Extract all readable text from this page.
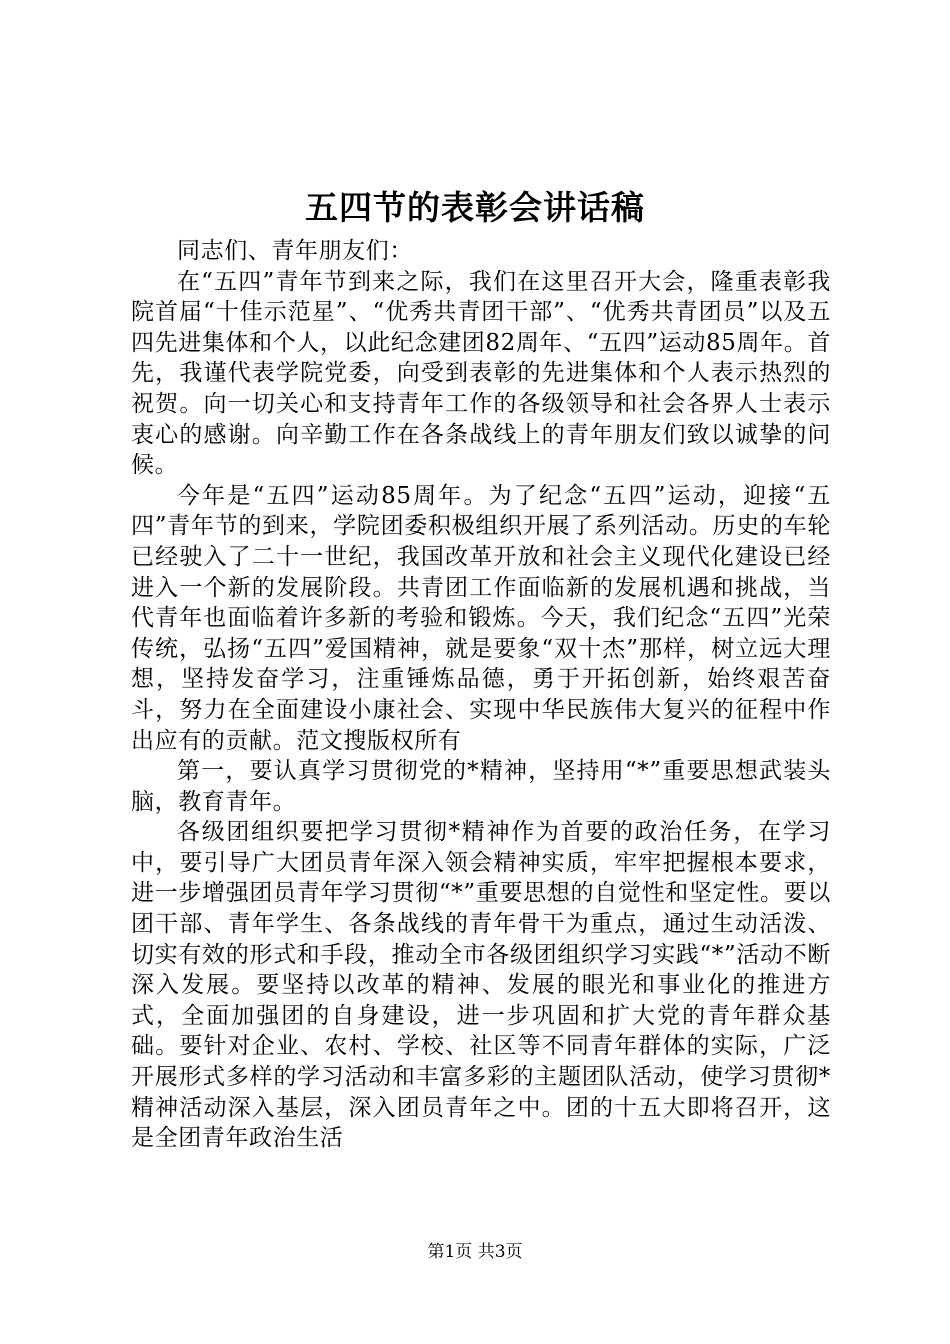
五四节的表彰会讲话稿

同志们、青年朋友们：

在“五四”青年节到来之际，我们在这里召开大会，隆重表彰我院首届“十佳示范星”、“优秀共青团干部”、“优秀共青团员”以及五四先进集体和个人，以此纪念建团82周年、“五四”运动85周年。首先，我谨代表学院党委，向受到表彰的先进集体和个人表示热烈的祝贺。向一切关心和支持青年工作的各级领导和社会各界人士表示衷心的感谢。向辛勤工作在各条战线上的青年朋友们致以诚挚的问候。

今年是“五四”运动85周年。为了纪念“五四”运动，迎接“五四”青年节的到来，学院团委积极组织开展了系列活动。历史的车轮已经驶入了二十一世纪，我国改革开放和社会主义现代化建设已经进入一个新的发展阶段。共青团工作面临新的发展机遇和挑战，当代青年也面临着许多新的考验和锻炼。今天，我们纪念“五四”光荣传统，弘扬“五四”爱国精神，就是要象“双十杰”那样，树立远大理想，坚持发奋学习，注重锤炼品德，勇于开拓创新，始终艰苦奋斗，努力在全面建设小康社会、实现中华民族伟大复兴的征程中作出应有的贡献。范文搜版权所有

第一，要认真学习贯彻党的*精神，坚持用“*”重要思想武装头脑，教育青年。

各级团组织要把学习贯彻*精神作为首要的政治任务，在学习中，要引导广大团员青年深入领会精神实质，牢牢把握根本要求，进一步增强团员青年学习贯彻“*”重要思想的自觉性和坚定性。要以团干部、青年学生、各条战线的青年骨干为重点，通过生动活泼、切实有效的形式和手段，推动全市各级团组织学习实践“*”活动不断深入发展。要坚持以改革的精神、发展的眼光和事业化的推进方式，全面加强团的自身建设，进一步巩固和扩大党的青年群众基础。要针对企业、农村、学校、社区等不同青年群体的实际，广泛开展形式多样的学习活动和丰富多彩的主题团队活动，使学习贯彻*精神活动深入基层，深入团员青年之中。团的十五大即将召开，这是全团青年政治生活

第1页 共3页
